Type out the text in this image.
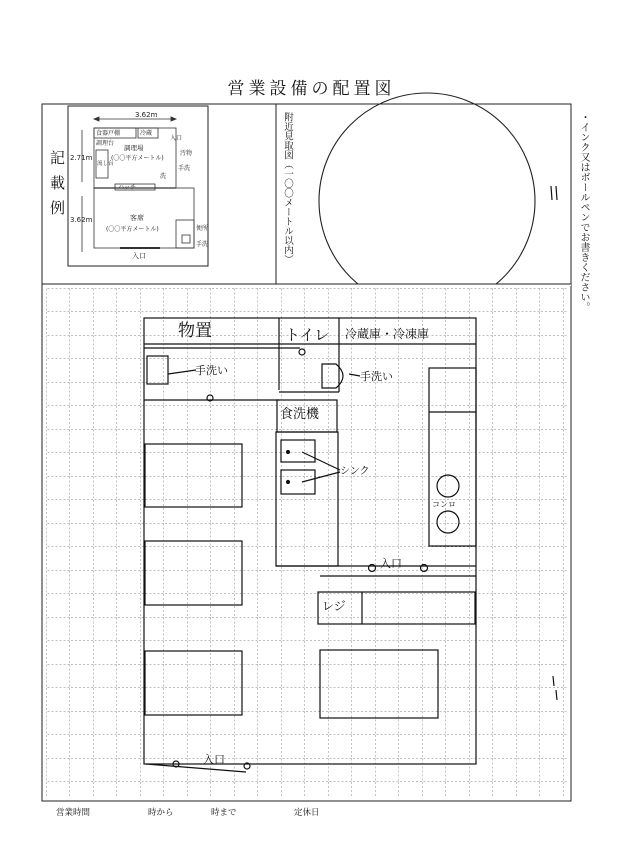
営業設備の配置図
・インク又はボールペンでお書きください。
記載例	附近見取図（一〇〇メートル以内）
3.62m
2.71m
3.62m
食器戸棚	冷蔵
調理場
(〇〇平方メートル)
調理台
流し台
入口
洗
手洗
汚物
ハッチ
客席
(〇〇平方メートル)	便所
手洗
入口
物置	トイレ 冷蔵庫・冷凍庫
手洗い	手洗い
食洗機
シンク
コンロ
入口
レジ
入口
営業時間	時から	時まで	定休日
